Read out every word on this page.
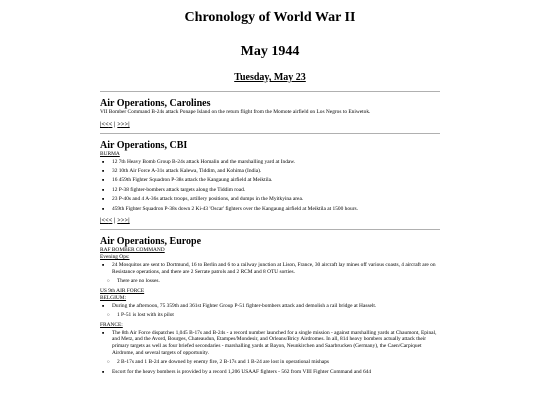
Chronology of World War II
May 1944
Tuesday, May 23
Air Operations, Carolines
VII Bomber Command B-24s attack Ponape Island on the return flight from the Momote airfield on Los Negros to Eniwetok.
|<<< | >>>|
Air Operations, CBI
BURMA
■ 12 7th Heavy Bomb Group B-24s attack Homalin and the marshalling yard at Indaw.
■ 32 10th Air Force A-31s attack Kalewa, Tiddim, and Kohima (India).
■ 16 459th Fighter Squadron P-38s attack the Kangaung airfield at Meiktila.
■ 12 P-38 fighter-bombers attack targets along the Tiddim road.
■ 23 P-40s and 4 A-36s attack troops, artillery positions, and dumps in the Myitkyina area.
■ 459th Fighter Squadron P-38s down 2 Ki-43 'Oscar' fighters over the Kangaung airfield at Meiktila at 1500 hours.
|<<< | >>>|
Air Operations, Europe
RAF BOMBER COMMAND
Evening Ops:
■ 24 Mosquitos are sent to Dortmund, 16 to Berlin and 6 to a railway junction at Lison, France, 30 aircraft lay mines off various coasts, 4 aircraft are on Resistance operations, and there are 2 Serrate patrols and 2 RCM and 8 OTU sorties.
○ There are no losses.
US 9th AIR FORCE
BELGIUM:
■ During the afternoon, 75 359th and 361st Fighter Group P-51 fighter-bombers attack and demolish a rail bridge at Hasselt.
○ 1 P-51 is lost with its pilot
FRANCE:
■ The 8th Air Force dispatches 1,045 B-17s and B-24s - a record number launched for a single mission - against marshalling yards at Chaumont, Epinal, and Metz, and the Avord, Bourges, Chateaudun, Etampes/Mondesir, and Orleans/Bricy Airdromes. In all, 814 heavy bombers actually attack their primary targets as well as four briefed secondaries - marshalling yards at Bayon, Neunkirchen and Saarbrucken (Germany), the Caen/Carpiquet Airdrome, and several targets of opportunity.
○ 2 B-17s and 1 B-24 are downed by enemy fire, 2 B-17s and 1 B-24 are lost in operational mishaps
■ Escort for the heavy bombers is provided by a record 1,206 USAAF fighters - 562 from VIII Fighter Command and 644
